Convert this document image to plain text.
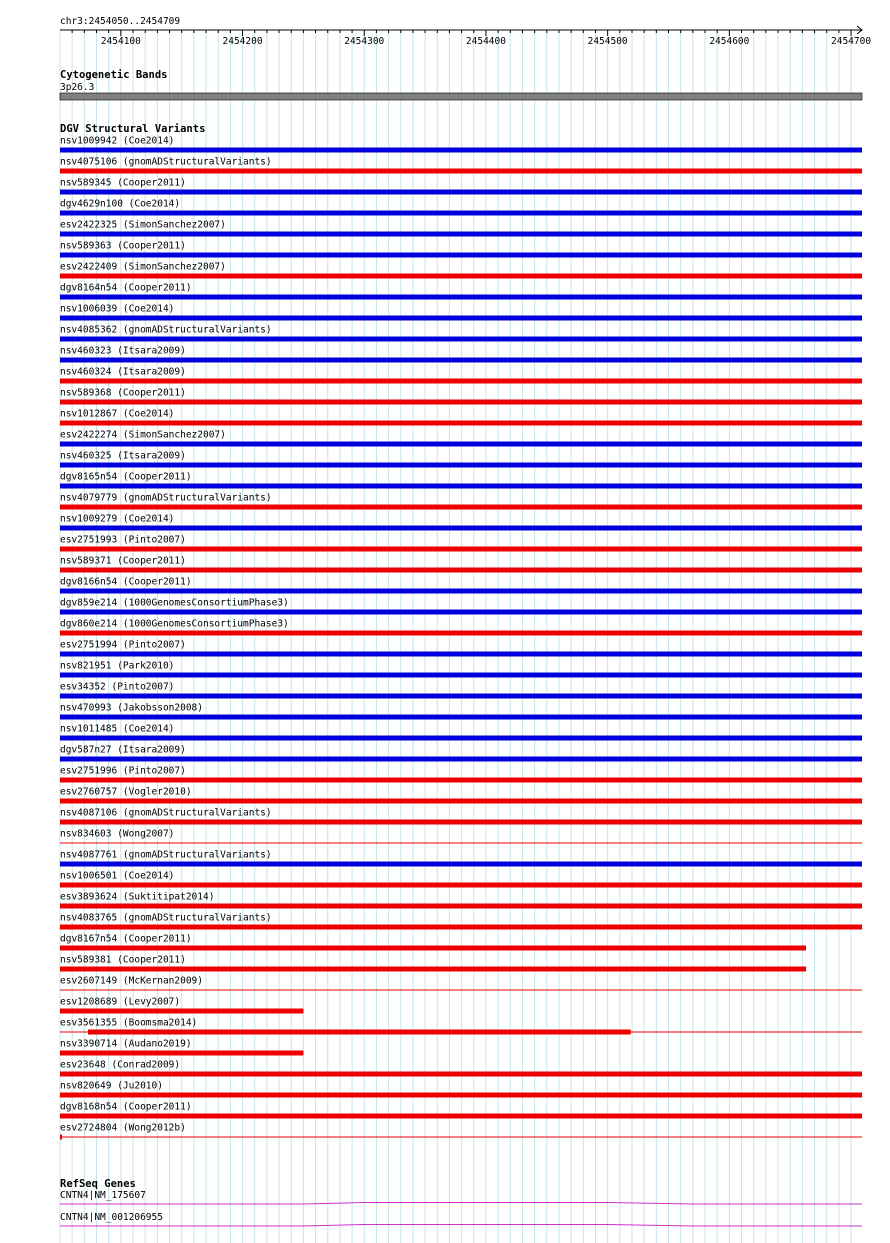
chr3:2454050..2454709
2454100	2454200	2454300	2454400	2454500	2454600	2454700
Cytogenetic Bands
3p26.3
DGV Structural Variants
nsv1009942 (Coe2014)
nsv4075106 (gnomADStructuralVariants)
nsv589345 (Cooper2011)
dgv4629n100 (Coe2014)
esv2422325 (SimonSanchez2007)
nsv589363 (Cooper2011)
esv2422409 (SimonSanchez2007)
dgv8164n54 (Cooper2011)
nsv1006039 (Coe2014)
nsv4085362 (gnomADStructuralVariants)
nsv460323 (Itsara2009)
nsv460324 (Itsara2009)
nsv589368 (Cooper2011)
nsv1012867 (Coe2014)
esv2422274 (SimonSanchez2007)
nsv460325 (Itsara2009)
dgv8165n54 (Cooper2011)
nsv4079779 (gnomADStructuralVariants)
nsv1009279 (Coe2014)
esv2751993 (Pinto2007)
nsv589371 (Cooper2011)
dgv8166n54 (Cooper2011)
dgv859e214 (1000GenomesConsortiumPhase3)
dgv860e214 (1000GenomesConsortiumPhase3)
esv2751994 (Pinto2007)
nsv821951 (Park2010)
esv34352 (Pinto2007)
nsv470993 (Jakobsson2008)
nsv1011485 (Coe2014)
dgv587n27 (Itsara2009)
esv2751996 (Pinto2007)
esv2760757 (Vogler2010)
nsv4087106 (gnomADStructuralVariants)
nsv834603 (Wong2007)
nsv4087761 (gnomADStructuralVariants)
nsv1006501 (Coe2014)
esv3893624 (Suktitipat2014)
nsv4083765 (gnomADStructuralVariants)
dgv8167n54 (Cooper2011)
nsv589381 (Cooper2011)
esv2607149 (McKernan2009)
esv1208689 (Levy2007)
esv3561355 (Boomsma2014)
nsv3390714 (Audano2019)
esv23648 (Conrad2009)
nsv820649 (Ju2010)
dgv8168n54 (Cooper2011)
esv2724804 (Wong2012b)
RefSeq Genes
CNTN4|NM_175607
CNTN4|NM_001206955
